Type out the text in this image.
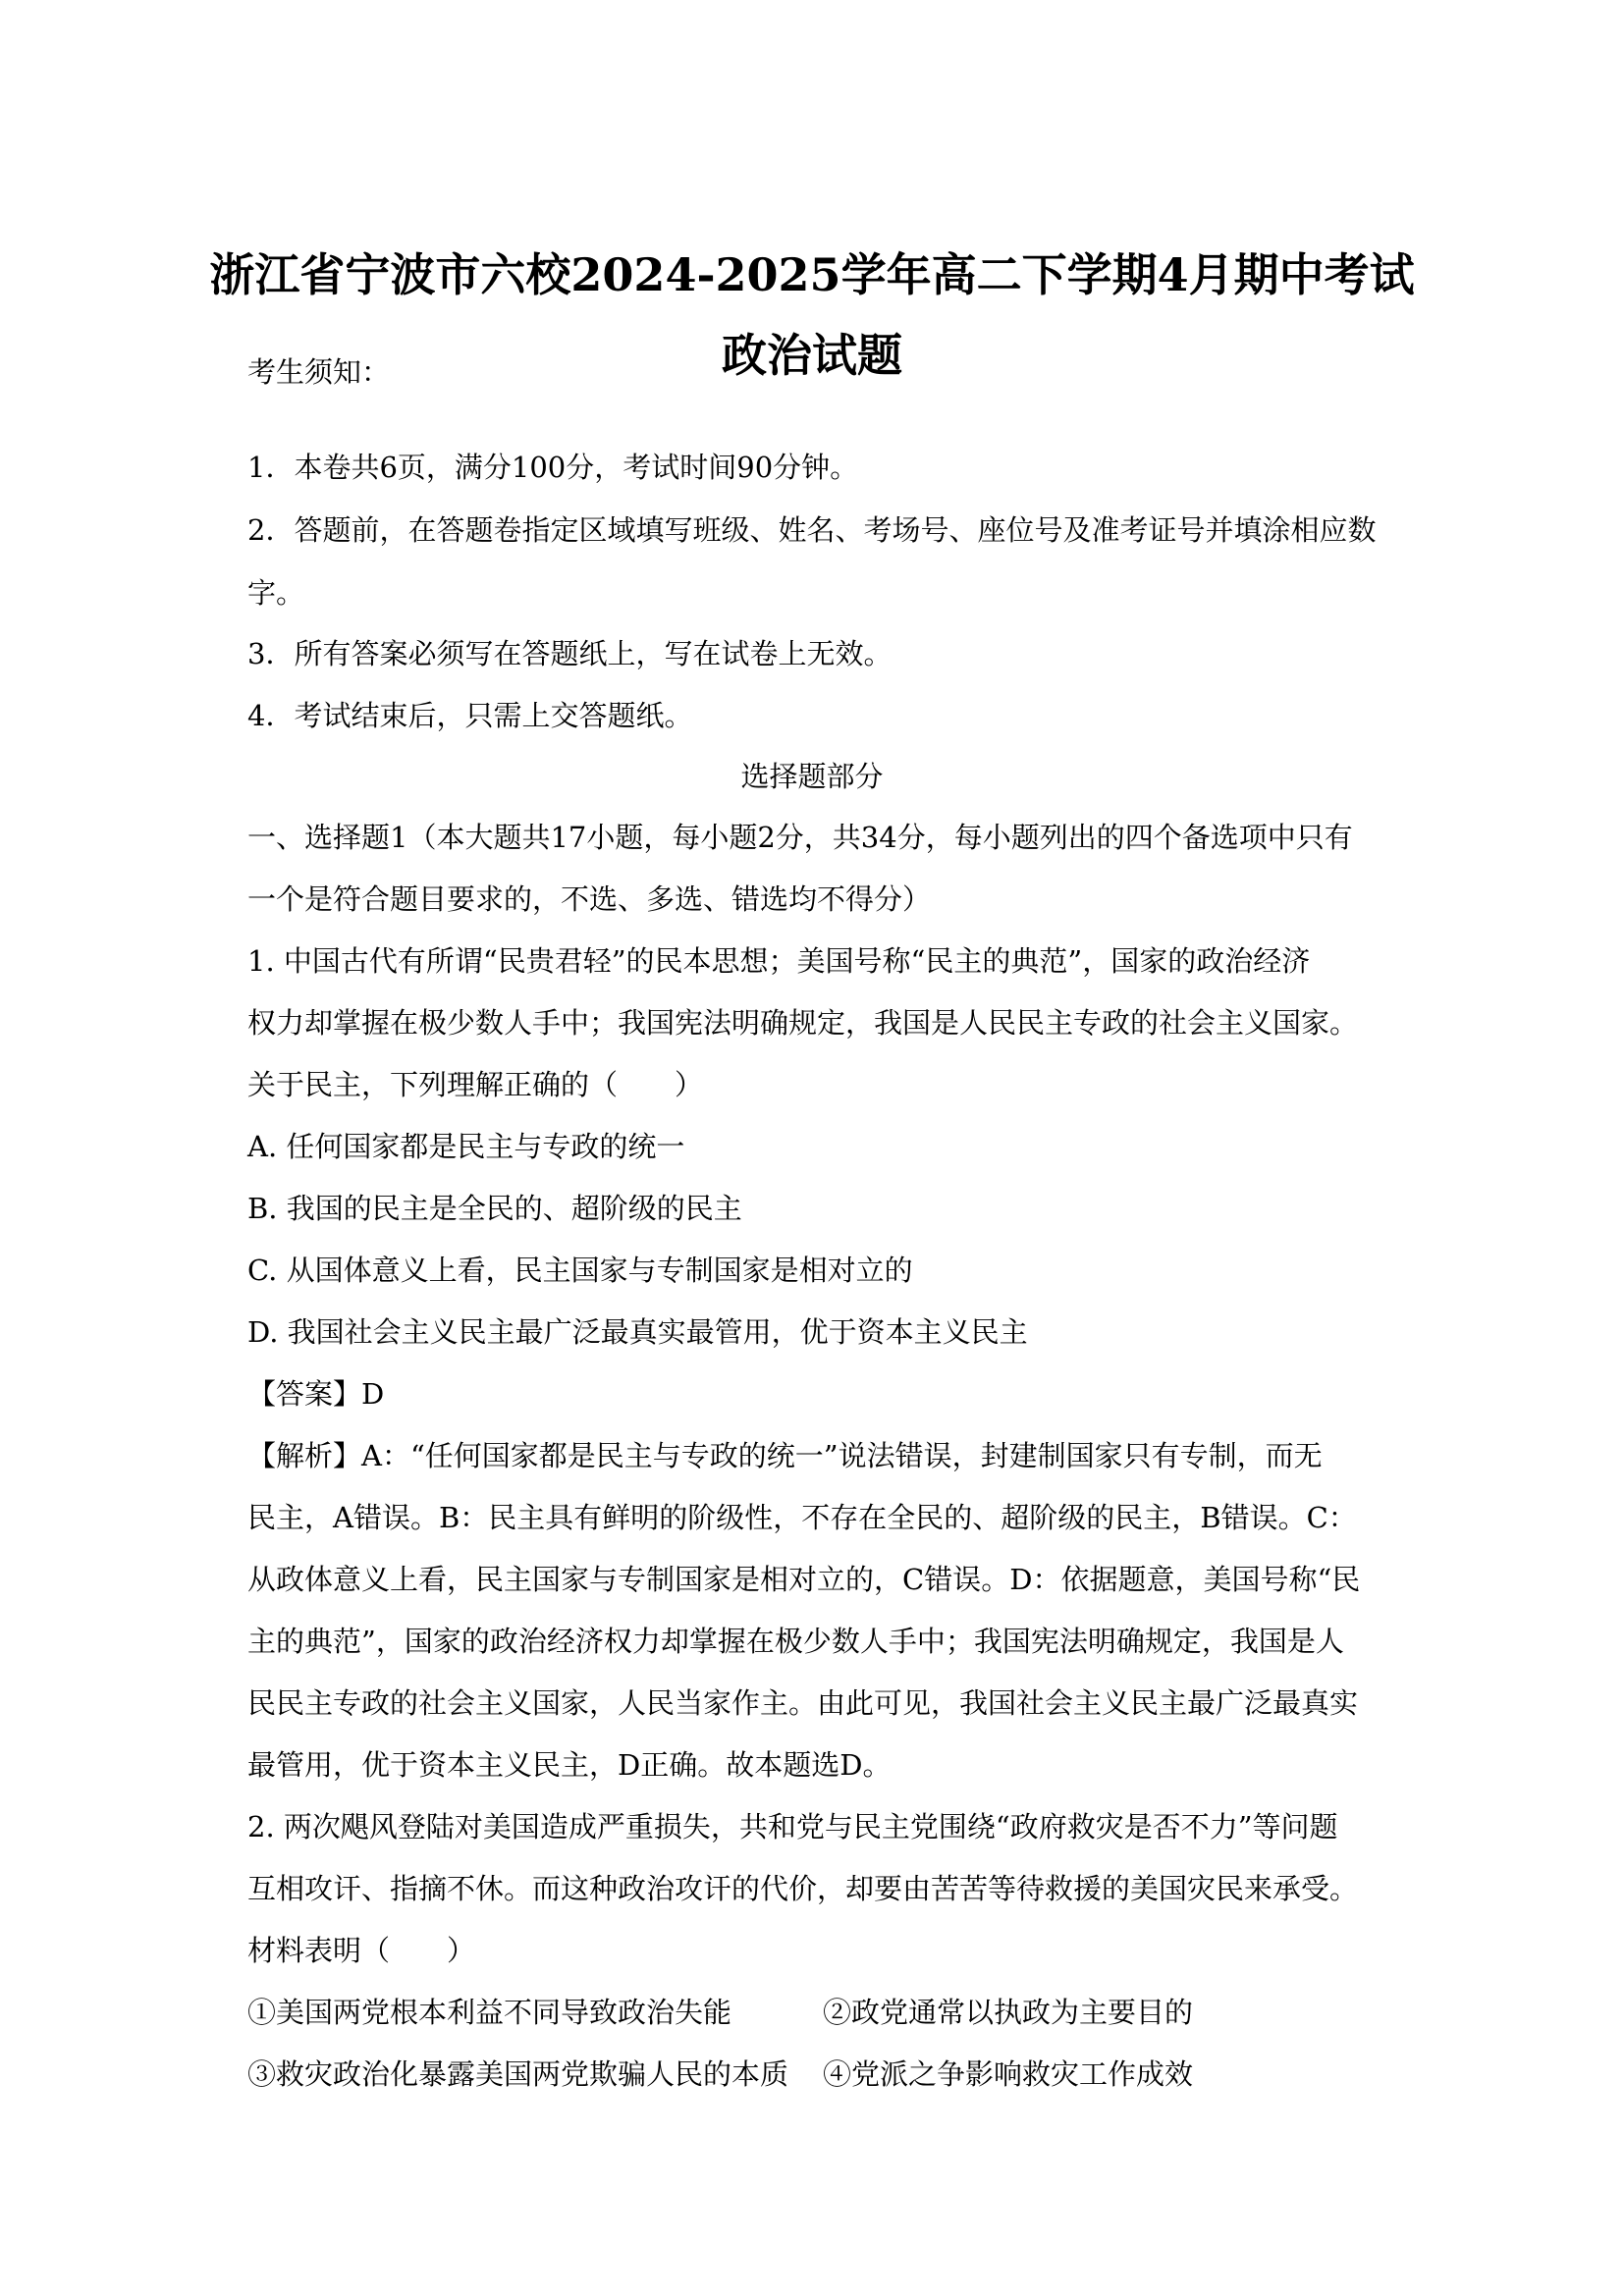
浙江省宁波市六校2024-2025学年高二下学期4月期中考试
政治试题
考生须知：
1．本卷共6页，满分100分，考试时间90分钟。
2．答题前，在答题卷指定区域填写班级、姓名、考场号、座位号及准考证号并填涂相应数
字。
3．所有答案必须写在答题纸上，写在试卷上无效。
4．考试结束后，只需上交答题纸。
选择题部分
一、选择题1（本大题共17小题，每小题2分，共34分，每小题列出的四个备选项中只有
一个是符合题目要求的，不选、多选、错选均不得分）
1. 中国古代有所谓“民贵君轻”的民本思想；美国号称“民主的典范”，国家的政治经济
权力却掌握在极少数人手中；我国宪法明确规定，我国是人民民主专政的社会主义国家。
关于民主，下列理解正确的（　　）
A. 任何国家都是民主与专政的统一
B. 我国的民主是全民的、超阶级的民主
C. 从国体意义上看，民主国家与专制国家是相对立的
D. 我国社会主义民主最广泛最真实最管用，优于资本主义民主
【答案】D
【解析】A：“任何国家都是民主与专政的统一”说法错误，封建制国家只有专制，而无
民主，A错误。B：民主具有鲜明的阶级性，不存在全民的、超阶级的民主，B错误。C：
从政体意义上看，民主国家与专制国家是相对立的，C错误。D：依据题意，美国号称“民
主的典范”，国家的政治经济权力却掌握在极少数人手中；我国宪法明确规定，我国是人
民民主专政的社会主义国家，人民当家作主。由此可见，我国社会主义民主最广泛最真实
最管用，优于资本主义民主，D正确。故本题选D。
2. 两次飓风登陆对美国造成严重损失，共和党与民主党围绕“政府救灾是否不力”等问题
互相攻讦、指摘不休。而这种政治攻讦的代价，却要由苦苦等待救援的美国灾民来承受。
材料表明（　　）
①美国两党根本利益不同导致政治失能	②政党通常以执政为主要目的
③救灾政治化暴露美国两党欺骗人民的本质 ④党派之争影响救灾工作成效
